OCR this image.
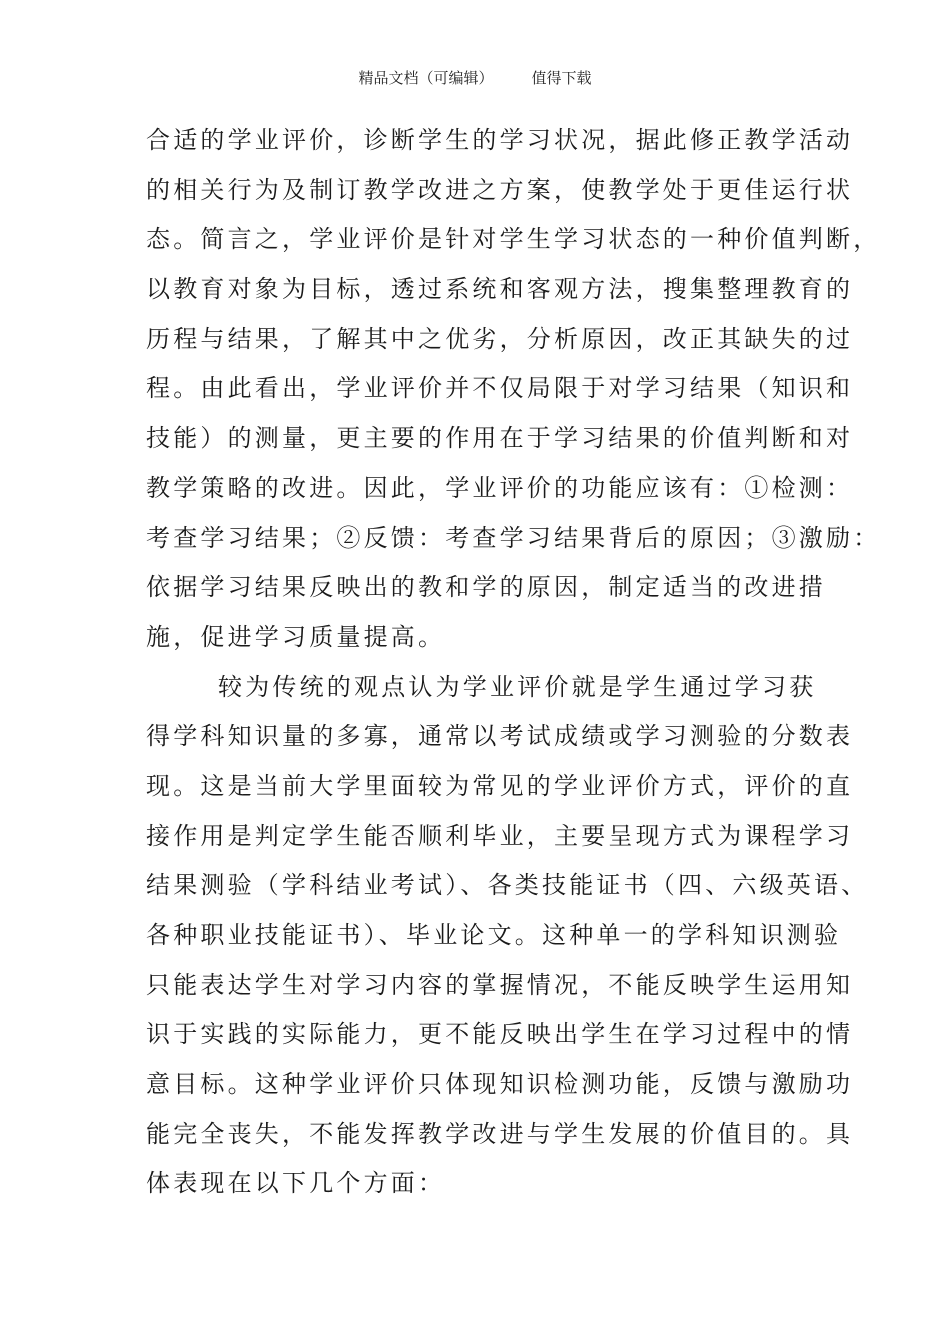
精品文档（可编辑）	值得下载
合适的学业评价，诊断学生的学习状况，据此修正教学活动
的相关行为及制订教学改进之方案，使教学处于更佳运行状
态。简言之，学业评价是针对学生学习状态的一种价值判断，
以教育对象为目标，透过系统和客观方法，搜集整理教育的
历程与结果，了解其中之优劣，分析原因，改正其缺失的过
程。由此看出，学业评价并不仅局限于对学习结果（知识和
技能）的测量，更主要的作用在于学习结果的价值判断和对
教学策略的改进。因此，学业评价的功能应该有：①检测：
考查学习结果；②反馈：考查学习结果背后的原因；③激励：
依据学习结果反映出的教和学的原因，制定适当的改进措
施，促进学习质量提高。
较为传统的观点认为学业评价就是学生通过学习获
得学科知识量的多寡，通常以考试成绩或学习测验的分数表
现。这是当前大学里面较为常见的学业评价方式，评价的直
接作用是判定学生能否顺利毕业，主要呈现方式为课程学习
结果测验（学科结业考试）、各类技能证书（四、六级英语、
各种职业技能证书）、毕业论文。这种单一的学科知识测验
只能表达学生对学习内容的掌握情况，不能反映学生运用知
识于实践的实际能力，更不能反映出学生在学习过程中的情
意目标。这种学业评价只体现知识检测功能，反馈与激励功
能完全丧失，不能发挥教学改进与学生发展的价值目的。具
体表现在以下几个方面：
